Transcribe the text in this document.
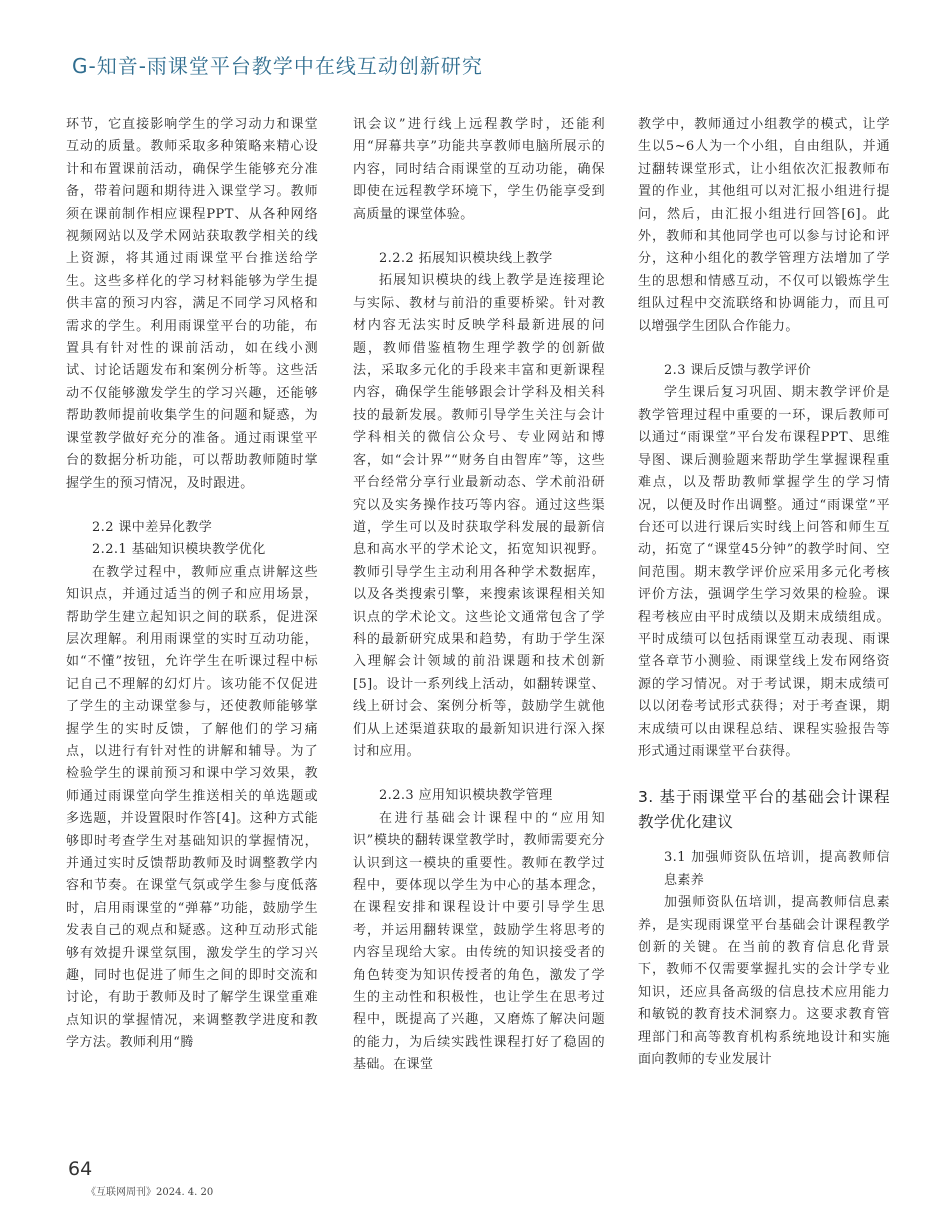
G-知音-雨课堂平台教学中在线互动创新研究

环节，它直接影响学生的学习动力和课堂互动的质量。教师采取多种策略来精心设计和布置课前活动，确保学生能够充分准备，带着问题和期待进入课堂学习。教师须在课前制作相应课程PPT、从各种网络视频网站以及学术网站获取教学相关的线上资源，将其通过雨课堂平台推送给学生。这些多样化的学习材料能够为学生提供丰富的预习内容，满足不同学习风格和需求的学生。利用雨课堂平台的功能，布置具有针对性的课前活动，如在线小测试、讨论话题发布和案例分析等。这些活动不仅能够激发学生的学习兴趣，还能够帮助教师提前收集学生的问题和疑惑，为课堂教学做好充分的准备。通过雨课堂平台的数据分析功能，可以帮助教师随时掌握学生的预习情况，及时跟进。

2.2 课中差异化教学
2.2.1 基础知识模块教学优化

在教学过程中，教师应重点讲解这些知识点，并通过适当的例子和应用场景，帮助学生建立起知识之间的联系，促进深层次理解。利用雨课堂的实时互动功能，如“不懂”按钮，允许学生在听课过程中标记自己不理解的幻灯片。该功能不仅促进了学生的主动课堂参与，还使教师能够掌握学生的实时反馈，了解他们的学习痛点，以进行有针对性的讲解和辅导。为了检验学生的课前预习和课中学习效果，教师通过雨课堂向学生推送相关的单选题或多选题，并设置限时作答[4]。这种方式能够即时考查学生对基础知识的掌握情况，并通过实时反馈帮助教师及时调整教学内容和节奏。在课堂气氛或学生参与度低落时，启用雨课堂的“弹幕”功能，鼓励学生发表自己的观点和疑惑。这种互动形式能够有效提升课堂氛围，激发学生的学习兴趣，同时也促进了师生之间的即时交流和讨论，有助于教师及时了解学生课堂重难点知识的掌握情况，来调整教学进度和教学方法。教师利用“腾

讯会议”进行线上远程教学时，还能利用“屏幕共享”功能共享教师电脑所展示的内容，同时结合雨课堂的互动功能，确保即使在远程教学环境下，学生仍能享受到高质量的课堂体验。

2.2.2 拓展知识模块线上教学

拓展知识模块的线上教学是连接理论与实际、教材与前沿的重要桥梁。针对教材内容无法实时反映学科最新进展的问题，教师借鉴植物生理学教学的创新做法，采取多元化的手段来丰富和更新课程内容，确保学生能够跟会计学科及相关科技的最新发展。教师引导学生关注与会计学科相关的微信公众号、专业网站和博客，如“会计界”“财务自由智库”等，这些平台经常分享行业最新动态、学术前沿研究以及实务操作技巧等内容。通过这些渠道，学生可以及时获取学科发展的最新信息和高水平的学术论文，拓宽知识视野。教师引导学生主动利用各种学术数据库，以及各类搜索引擎，来搜索该课程相关知识点的学术论文。这些论文通常包含了学科的最新研究成果和趋势，有助于学生深入理解会计领域的前沿课题和技术创新[5]。设计一系列线上活动，如翻转课堂、线上研讨会、案例分析等，鼓励学生就他们从上述渠道获取的最新知识进行深入探讨和应用。

2.2.3 应用知识模块教学管理

在进行基础会计课程中的“应用知识”模块的翻转课堂教学时，教师需要充分认识到这一模块的重要性。教师在教学过程中，要体现以学生为中心的基本理念，在课程安排和课程设计中要引导学生思考，并运用翻转课堂，鼓励学生将思考的内容呈现给大家。由传统的知识接受者的角色转变为知识传授者的角色，激发了学生的主动性和积极性，也让学生在思考过程中，既提高了兴趣，又磨炼了解决问题的能力，为后续实践性课程打好了稳固的基础。在课堂

教学中，教师通过小组教学的模式，让学生以5~6人为一个小组，自由组队，并通过翻转课堂形式，让小组依次汇报教师布置的作业，其他组可以对汇报小组进行提问，然后，由汇报小组进行回答[6]。此外，教师和其他同学也可以参与讨论和评分，这种小组化的教学管理方法增加了学生的思想和情感互动，不仅可以锻炼学生组队过程中交流联络和协调能力，而且可以增强学生团队合作能力。

2.3 课后反馈与教学评价

学生课后复习巩固、期末教学评价是教学管理过程中重要的一环，课后教师可以通过“雨课堂”平台发布课程PPT、思维导图、课后测验题来帮助学生掌握课程重难点，以及帮助教师掌握学生的学习情况，以便及时作出调整。通过“雨课堂”平台还可以进行课后实时线上问答和师生互动，拓宽了“课堂45分钟”的教学时间、空间范围。期末教学评价应采用多元化考核评价方法，强调学生学习效果的检验。课程考核应由平时成绩以及期末成绩组成。平时成绩可以包括雨课堂互动表现、雨课堂各章节小测验、雨课堂线上发布网络资源的学习情况。对于考试课，期末成绩可以以闭卷考试形式获得；对于考查课，期末成绩可以由课程总结、课程实验报告等形式通过雨课堂平台获得。

3. 基于雨课堂平台的基础会计课程教学优化建议
3.1 加强师资队伍培训，提高教师信息素养

加强师资队伍培训，提高教师信息素养，是实现雨课堂平台基础会计课程教学创新的关键。在当前的教育信息化背景下，教师不仅需要掌握扎实的会计学专业知识，还应具备高级的信息技术应用能力和敏锐的教育技术洞察力。这要求教育管理部门和高等教育机构系统地设计和实施面向教师的专业发展计

64
《互联网周刊》2024. 4. 20
